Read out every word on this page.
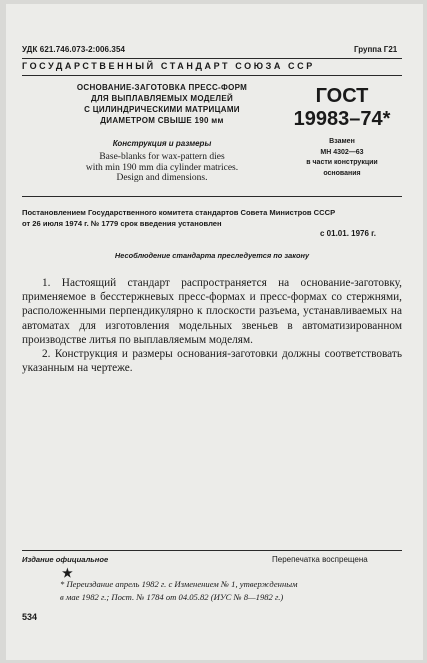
УДК 621.746.073-2:006.354	Группа Г21
ГОСУДАРСТВЕННЫЙ СТАНДАРТ СОЮЗА ССР
ОСНОВАНИЕ-ЗАГОТОВКА ПРЕСС-ФОРМ
ДЛЯ ВЫПЛАВЛЯЕМЫХ МОДЕЛЕЙ
С ЦИЛИНДРИЧЕСКИМИ МАТРИЦАМИ
ДИАМЕТРОМ СВЫШЕ 190 мм
Конструкция и размеры
Base-blanks for wax-pattern dies
with min 190 mm dia cylinder matrices.
Design and dimensions.
ГОСТ
19983–74*
Взамен
МН 4302—63
в части конструкции
основания
Постановлением Государственного комитета стандартов Совета Министров СССР
от 26 июля 1974 г. № 1779 срок введения установлен
с 01.01. 1976 г.
Несоблюдение стандарта преследуется по закону

1. Настоящий стандарт распространяется на основание-заготовку, применяемое в бесстержневых пресс-формах и пресс-формах со стержнями, расположенными перпендикулярно к плоскости разъема, устанавливаемых на автоматах для изготовления модельных звеньев в автоматизированном производстве литья по выплавляемым моделям.

2. Конструкция и размеры основания-заготовки должны соответствовать указанным на чертеже.

Издание официальное	Перепечатка воспрещена
★
* Переиздание апрель 1982 г. с Изменением № 1, утвержденным
в мае 1982 г.; Пост. № 1784 от 04.05.82 (ИУС № 8—1982 г.)
534
